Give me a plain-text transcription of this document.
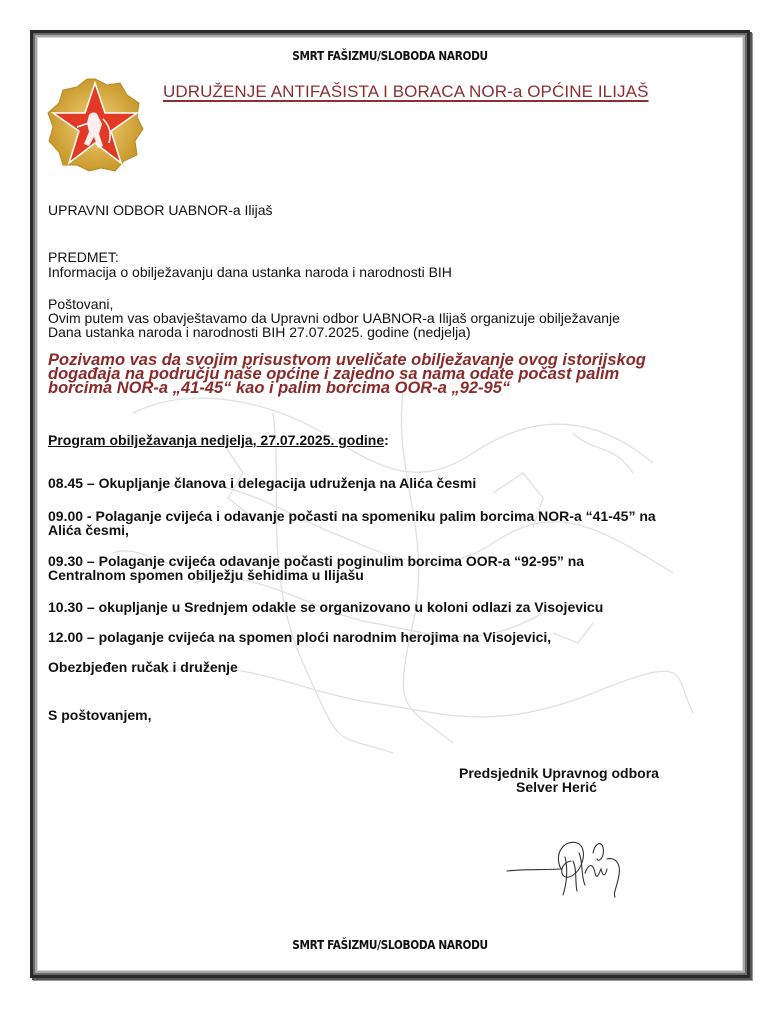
SMRT FAŠIZMU/SLOBODA NARODU
UDRUŽENJE ANTIFAŠISTA I BORACA NOR-a OPĆINE ILIJAŠ
UPRAVNI ODBOR UABNOR-a Ilijaš
PREDMET:
Informacija o obilježavanju dana ustanka naroda i narodnosti BIH
Poštovani,
Ovim putem vas obavještavamo da Upravni odbor UABNOR-a Ilijaš organizuje obilježavanje
Dana ustanka naroda i narodnosti BIH 27.07.2025. godine (nedjelja)
Pozivamo vas da svojim prisustvom uveličate obilježavanje ovog istorijskog
događaja na području naše općine i zajedno sa nama odate počast palim
borcima NOR-a „41-45“ kao i palim borcima OOR-a „92-95“
Program obilježavanja nedjelja, 27.07.2025. godine:
08.45 – Okupljanje članova i delegacija udruženja na Alića česmi
09.00 - Polaganje cvijeća i odavanje počasti na spomeniku palim borcima NOR-a “41-45” na
Alića česmi,
09.30 – Polaganje cvijeća odavanje počasti poginulim borcima OOR-a “92-95” na
Centralnom spomen obilježju šehidima u Ilijašu
10.30 – okupljanje u Srednjem odakle se organizovano u koloni odlazi za Visojevicu
12.00 – polaganje cvijeća na spomen ploći narodnim herojima na Visojevici,
Obezbjeđen ručak i druženje
S poštovanjem,
Predsjednik Upravnog odbora
Selver Herić
SMRT FAŠIZMU/SLOBODA NARODU
